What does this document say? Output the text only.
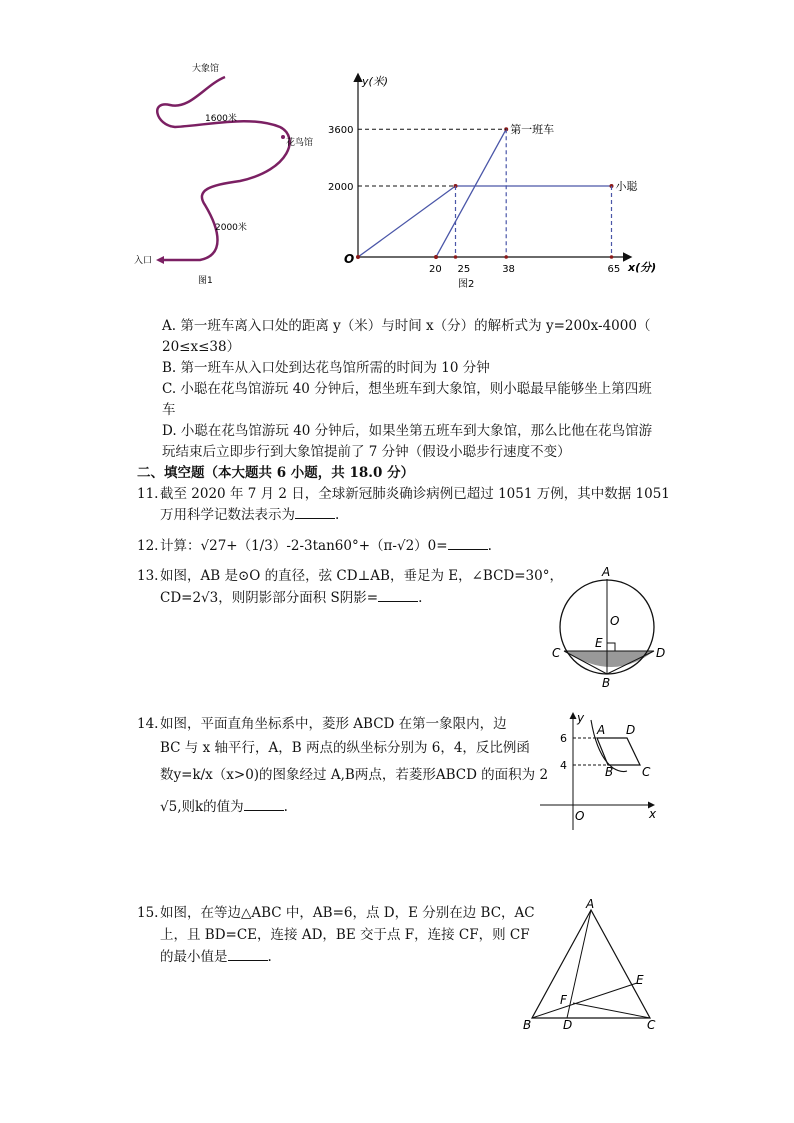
大象馆
1600米
花鸟馆
2000米
入口
图1
y(米)
x(分)
O
第一班车
小聪
3600
2000
20 25	38	65
图2
A. 第一班车离入口处的距离 y（米）与时间 x（分）的解析式为 y=200x-4000（
20≤x≤38）
B. 第一班车从入口处到达花鸟馆所需的时间为 10 分钟
C. 小聪在花鸟馆游玩 40 分钟后，想坐班车到大象馆，则小聪最早能够坐上第四班
车
D. 小聪在花鸟馆游玩 40 分钟后，如果坐第五班车到大象馆，那么比他在花鸟馆游
玩结束后立即步行到大象馆提前了 7 分钟（假设小聪步行速度不变）
二、填空题（本大题共 6 小题，共 18.0 分）
11. 截至 2020 年 7 月 2 日，全球新冠肺炎确诊病例已超过 1051 万例，其中数据 1051
万用科学记数法表示为	.
12. 计算：√27+（1/3）-2-3tan60°+（π-√2）0=	.
13. 如图，AB 是⊙O 的直径，弦 CD⊥AB，垂足为 E，∠BCD=30°，
CD=2√3，则阴影部分面积 S阴影=	.
A
O
E
C	D
B
14. 如图，平面直角坐标系中，菱形 ABCD 在第一象限内，边
BC 与 x 轴平行，A，B 两点的纵坐标分别为 6，4，反比例函
数y=k/x（x>0)的图象经过 A,B两点，若菱形ABCD 的面积为 2
√5,则k的值为	.
y
x
O
6
4
A D
B C
15. 如图，在等边△ABC 中，AB=6，点 D，E 分别在边 BC，AC
上，且 BD=CE，连接 AD，BE 交于点 F，连接 CF，则 CF
的最小值是	.
A
B	C
D
E
F
